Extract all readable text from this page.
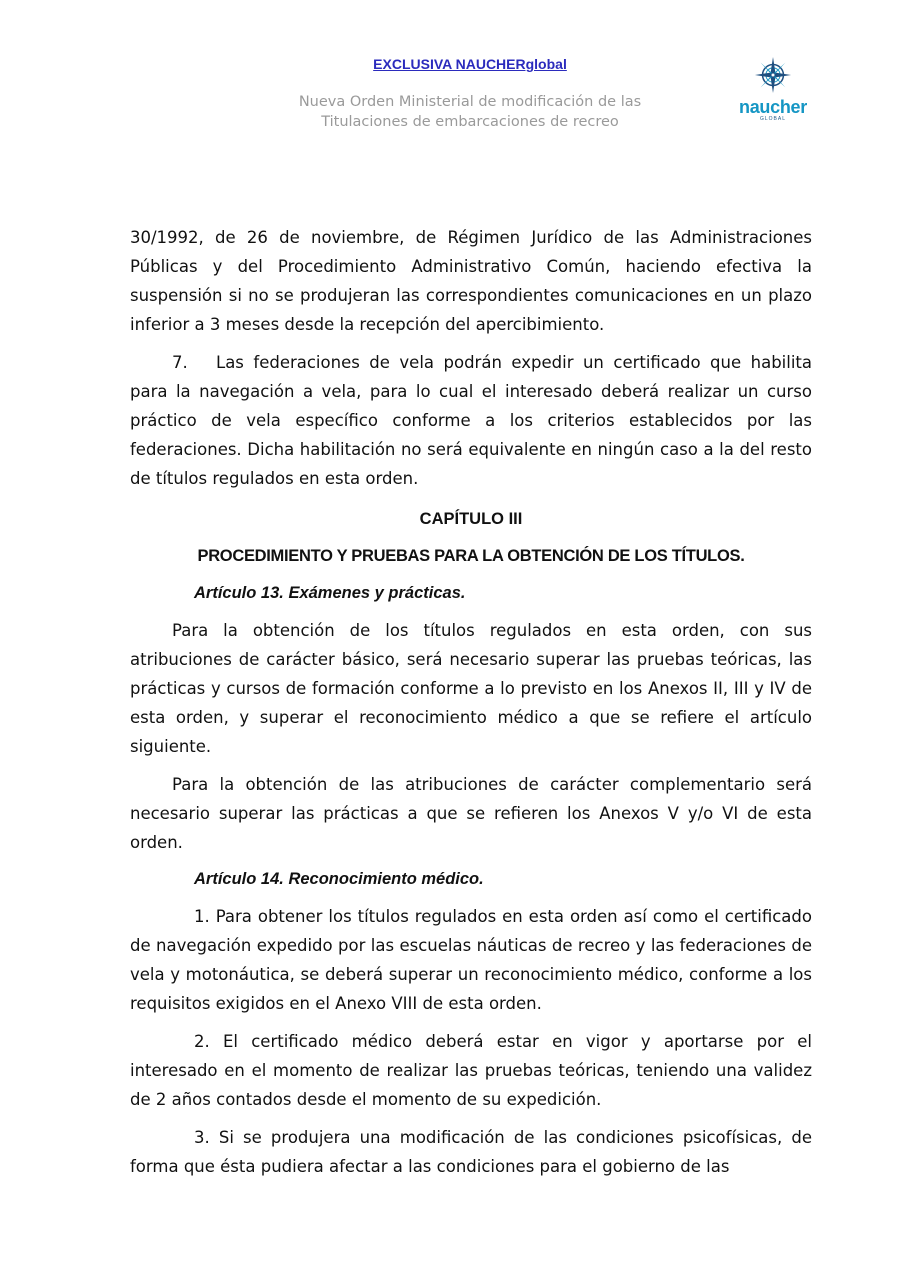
EXCLUSIVA NAUCHERglobal
Nueva Orden Ministerial de modificación de las
Titulaciones de embarcaciones de recreo
naucher
GLOBAL

30/1992, de 26 de noviembre, de Régimen Jurídico de las Administraciones Públicas y del Procedimiento Administrativo Común, haciendo efectiva la suspensión si no se produjeran las correspondientes comunicaciones en un plazo inferior a 3 meses desde la recepción del apercibimiento.

7. Las federaciones de vela podrán expedir un certificado que habilita para la navegación a vela, para lo cual el interesado deberá realizar un curso práctico de vela específico conforme a los criterios establecidos por las federaciones. Dicha habilitación no será equivalente en ningún caso a la del resto de títulos regulados en esta orden.

CAPÍTULO III

PROCEDIMIENTO Y PRUEBAS PARA LA OBTENCIÓN DE LOS TÍTULOS.

Artículo 13. Exámenes y prácticas.

Para la obtención de los títulos regulados en esta orden, con sus atribuciones de carácter básico, será necesario superar las pruebas teóricas, las prácticas y cursos de formación conforme a lo previsto en los Anexos II, III y IV de esta orden, y superar el reconocimiento médico a que se refiere el artículo siguiente.

Para la obtención de las atribuciones de carácter complementario será necesario superar las prácticas a que se refieren los Anexos V y/o VI de esta orden.

Artículo 14. Reconocimiento médico.

1. Para obtener los títulos regulados en esta orden así como el certificado de navegación expedido por las escuelas náuticas de recreo y las federaciones de vela y motonáutica, se deberá superar un reconocimiento médico, conforme a los requisitos exigidos en el Anexo VIII de esta orden.

2. El certificado médico deberá estar en vigor y aportarse por el interesado en el momento de realizar las pruebas teóricas, teniendo una validez de 2 años contados desde el momento de su expedición.

3. Si se produjera una modificación de las condiciones psicofísicas, de forma que ésta pudiera afectar a las condiciones para el gobierno de las
